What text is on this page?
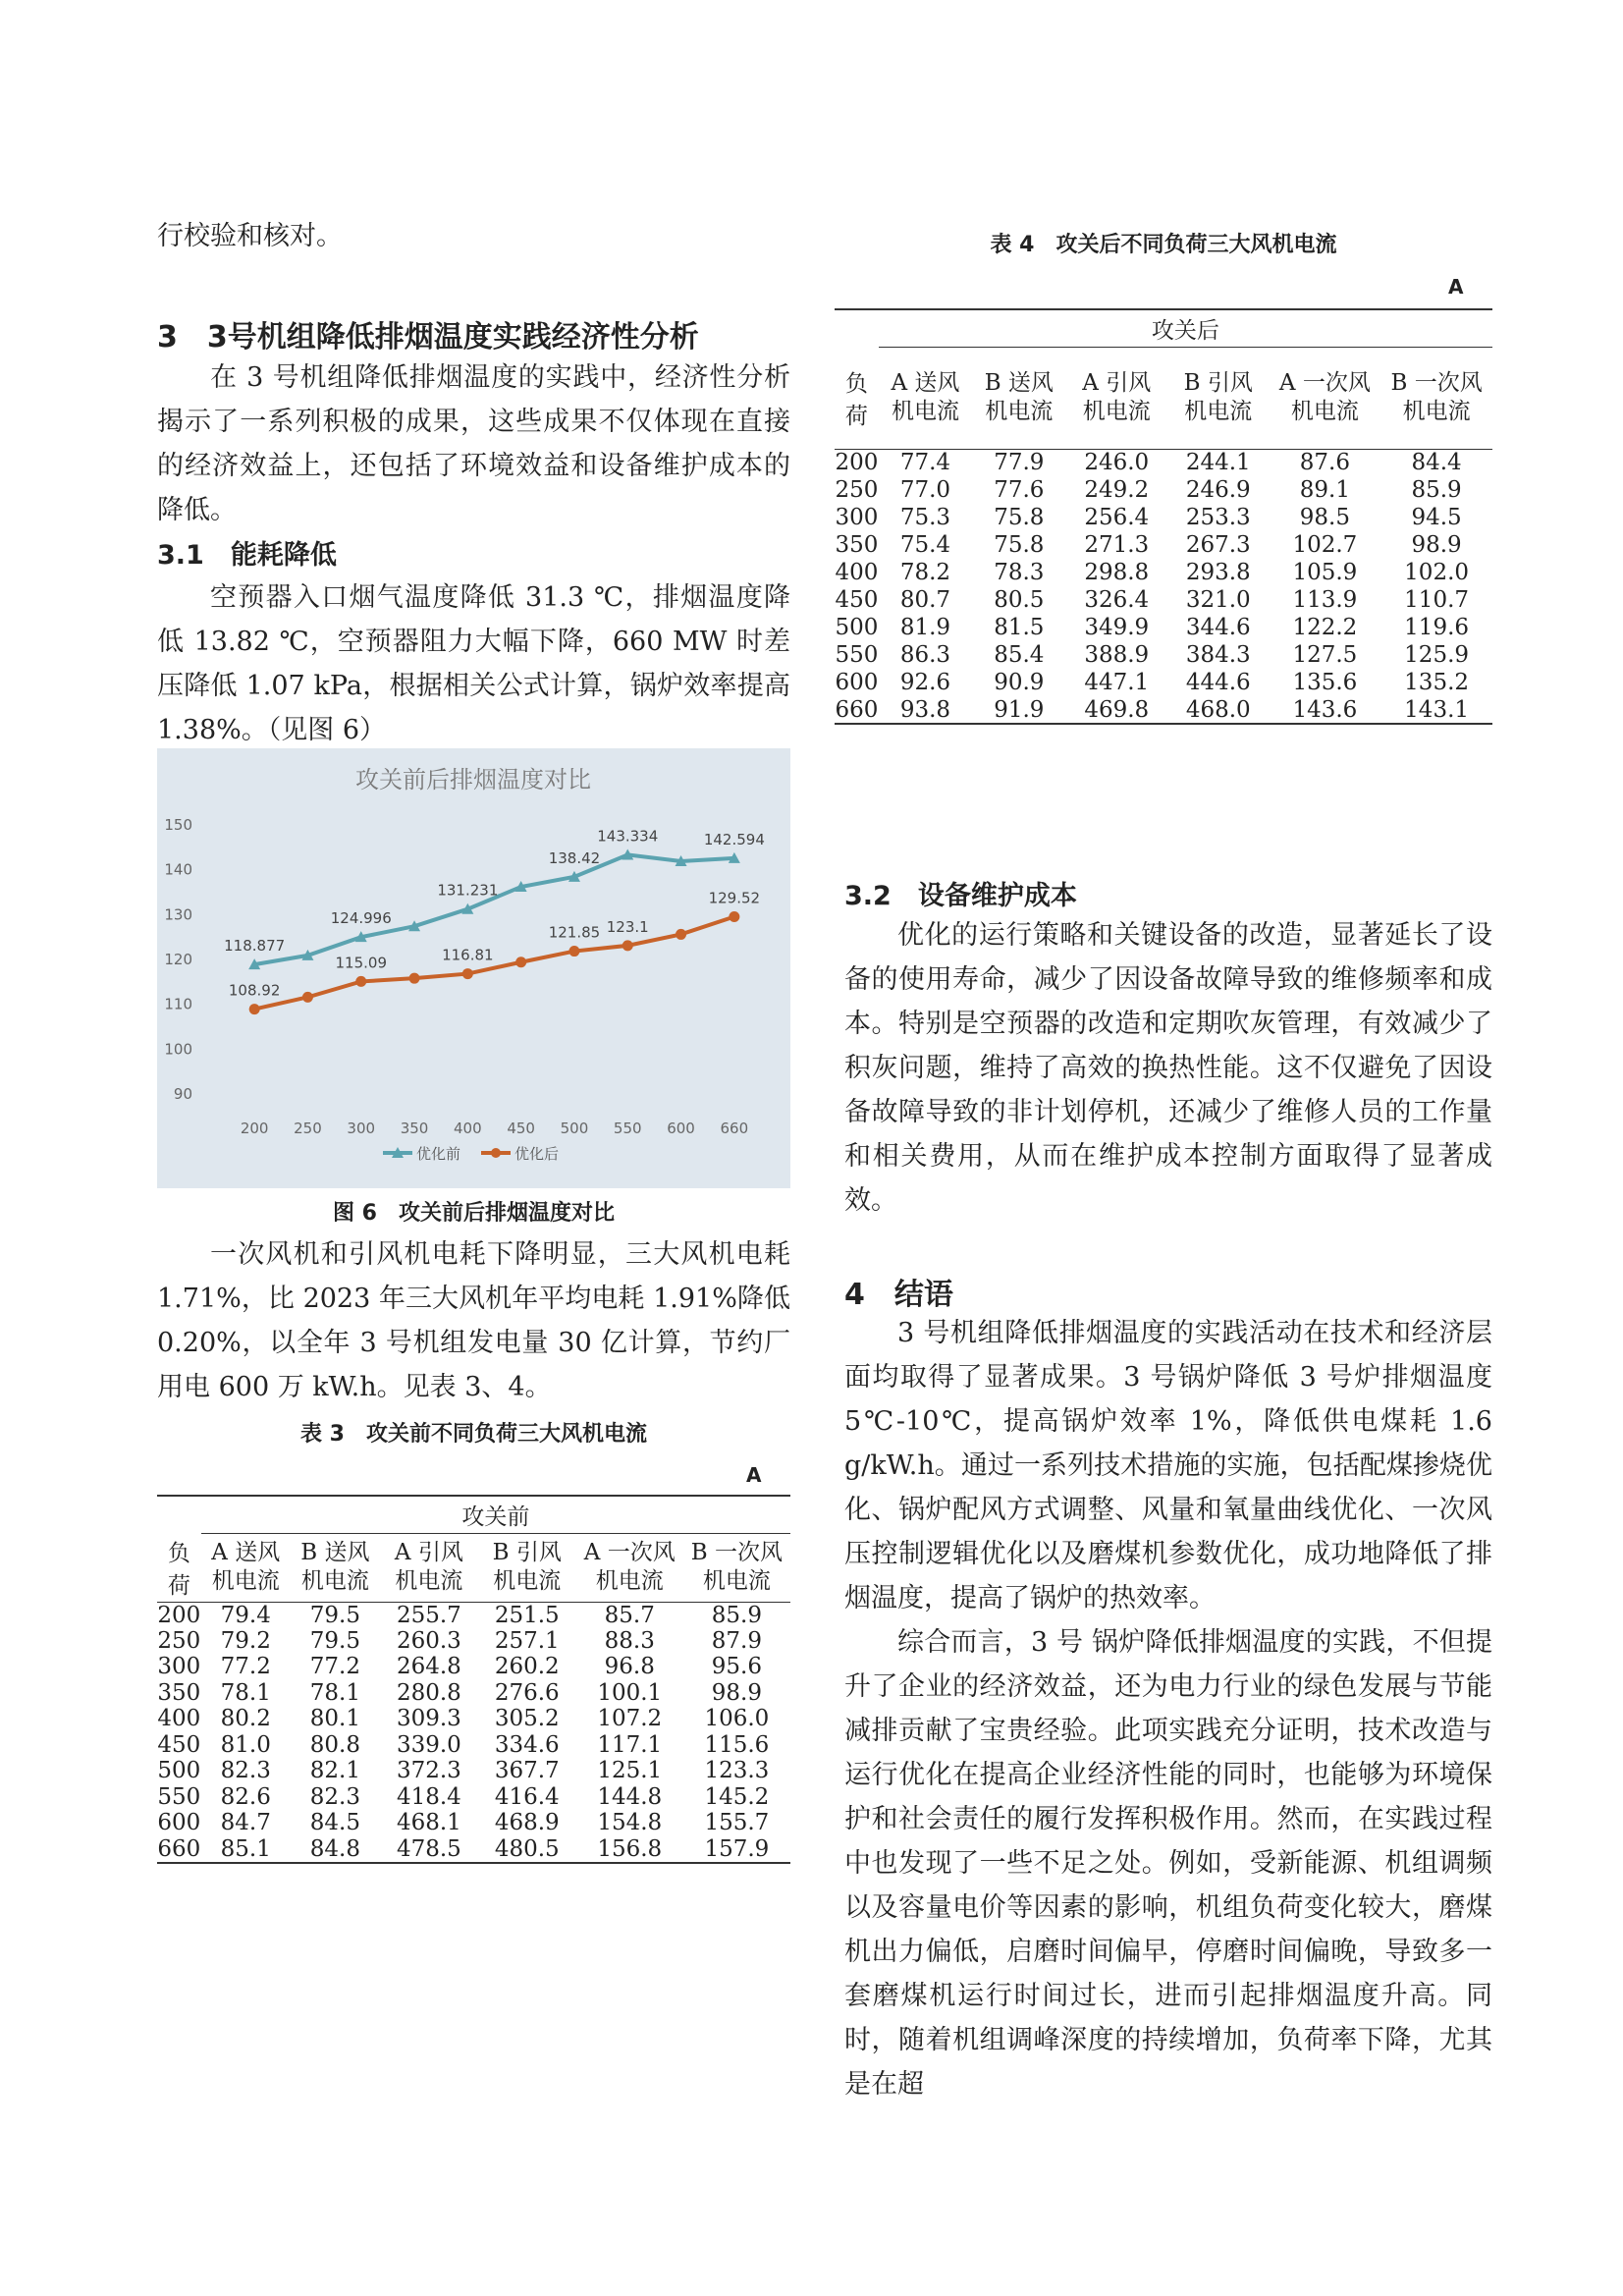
行校验和核对。

3　3号机组降低排烟温度实践经济性分析

在 3 号机组降低排烟温度的实践中，经济性分析揭示了一系列积极的成果，这些成果不仅体现在直接的经济效益上，还包括了环境效益和设备维护成本的降低。

3.1　能耗降低

空预器入口烟气温度降低 31.3 ℃，排烟温度降低 13.82 ℃，空预器阻力大幅下降，660 MW 时差压降低 1.07 kPa，根据相关公式计算，锅炉效率提高 1.38%。（见图 6）

攻关前后排烟温度对比
90
100
110
120
130
140
150
200 250 300 350 400 450 500 550 600 660
118.877
124.996
131.231
138.42
143.334	142.594
108.92
115.09	116.81
121.85 123.1
129.52
优化前	优化后

图 6　攻关前后排烟温度对比

一次风机和引风机电耗下降明显，三大风机电耗 1.71%，比 2023 年三大风机年平均电耗 1.91%降低 0.20%，以全年 3 号机组发电量 30 亿计算，节约厂用电 600 万 kW.h。见表 3、4。

表 3　攻关前不同负荷三大风机电流

A
	攻关前					
负荷	A 送风机电流	B 送风机电流	A 引风机电流	B 引风机电流	A 一次风机电流	B 一次风机电流
200	79.4	79.5	255.7	251.5	85.7	85.9
250	79.2	79.5	260.3	257.1	88.3	87.9
300	77.2	77.2	264.8	260.2	96.8	95.6
350	78.1	78.1	280.8	276.6	100.1	98.9
400	80.2	80.1	309.3	305.2	107.2	106.0
450	81.0	80.8	339.0	334.6	117.1	115.6
500	82.3	82.1	372.3	367.7	125.1	123.3
550	82.6	82.3	418.4	416.4	144.8	145.2
600	84.7	84.5	468.1	468.9	154.8	155.7
660	85.1	84.8	478.5	480.5	156.8	157.9

表 4　攻关后不同负荷三大风机电流

A
	攻关后					
负荷	A 送风机电流	B 送风机电流	A 引风机电流	B 引风机电流	A 一次风机电流	B 一次风机电流
200	77.4	77.9	246.0	244.1	87.6	84.4
250	77.0	77.6	249.2	246.9	89.1	85.9
300	75.3	75.8	256.4	253.3	98.5	94.5
350	75.4	75.8	271.3	267.3	102.7	98.9
400	78.2	78.3	298.8	293.8	105.9	102.0
450	80.7	80.5	326.4	321.0	113.9	110.7
500	81.9	81.5	349.9	344.6	122.2	119.6
550	86.3	85.4	388.9	384.3	127.5	125.9
600	92.6	90.9	447.1	444.6	135.6	135.2
660	93.8	91.9	469.8	468.0	143.6	143.1
3.2　设备维护成本

优化的运行策略和关键设备的改造，显著延长了设备的使用寿命，减少了因设备故障导致的维修频率和成本。特别是空预器的改造和定期吹灰管理，有效减少了积灰问题，维持了高效的换热性能。这不仅避免了因设备故障导致的非计划停机，还减少了维修人员的工作量和相关费用，从而在维护成本控制方面取得了显著成效。

4　结语

3 号机组降低排烟温度的实践活动在技术和经济层面均取得了显著成果。3 号锅炉降低 3 号炉排烟温度 5℃-10℃，提高锅炉效率 1%，降低供电煤耗 1.6 g/kW.h。通过一系列技术措施的实施，包括配煤掺烧优化、锅炉配风方式调整、风量和氧量曲线优化、一次风压控制逻辑优化以及磨煤机参数优化，成功地降低了排烟温度，提高了锅炉的热效率。

综合而言，3 号 锅炉降低排烟温度的实践，不但提升了企业的经济效益，还为电力行业的绿色发展与节能减排贡献了宝贵经验。此项实践充分证明，技术改造与运行优化在提高企业经济性能的同时，也能够为环境保护和社会责任的履行发挥积极作用。然而，在实践过程中也发现了一些不足之处。例如，受新能源、机组调频以及容量电价等因素的影响，机组负荷变化较大，磨煤机出力偏低，启磨时间偏早，停磨时间偏晚，导致多一套磨煤机运行时间过长，进而引起排烟温度升高。同时，随着机组调峰深度的持续增加，负荷率下降，尤其是在超
